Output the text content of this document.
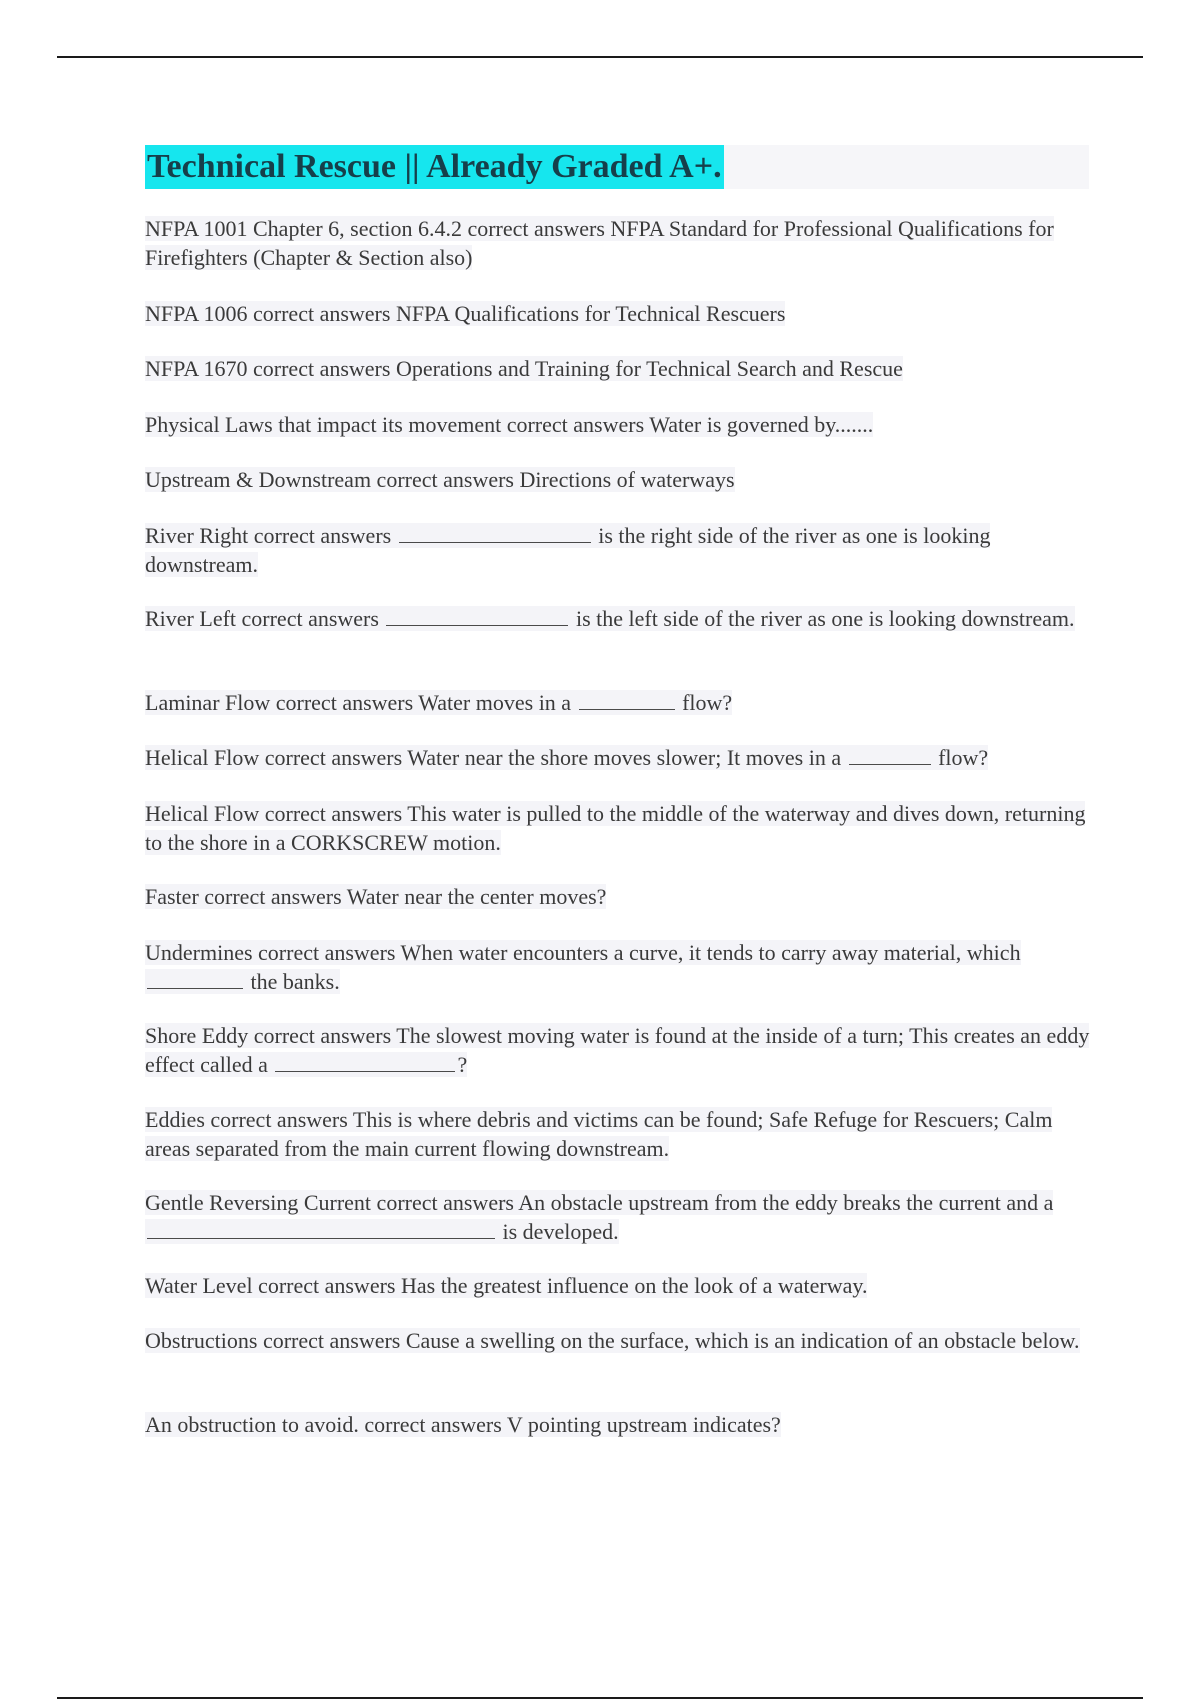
Technical Rescue || Already Graded A+.

NFPA 1001 Chapter 6, section 6.4.2 correct answers NFPA Standard for Professional Qualifications for Firefighters (Chapter & Section also)

NFPA 1006 correct answers NFPA Qualifications for Technical Rescuers

NFPA 1670 correct answers Operations and Training for Technical Search and Rescue

Physical Laws that impact its movement correct answers Water is governed by.......

Upstream & Downstream correct answers Directions of waterways

River Right correct answers	is the right side of the river as one is looking downstream.

River Left correct answers	is the left side of the river as one is looking downstream.

Laminar Flow correct answers Water moves in a	flow?

Helical Flow correct answers Water near the shore moves slower; It moves in a	flow?

Helical Flow correct answers This water is pulled to the middle of the waterway and dives down, returning to the shore in a CORKSCREW motion.

Faster correct answers Water near the center moves?

Undermines correct answers When water encounters a curve, it tends to carry away material, which  the banks.

Shore Eddy correct answers The slowest moving water is found at the inside of a turn; This creates an eddy effect called a	?

Eddies correct answers This is where debris and victims can be found; Safe Refuge for Rescuers; Calm areas separated from the main current flowing downstream.

Gentle Reversing Current correct answers An obstacle upstream from the eddy breaks the current and a  is developed.

Water Level correct answers Has the greatest influence on the look of a waterway.

Obstructions correct answers Cause a swelling on the surface, which is an indication of an obstacle below.

An obstruction to avoid. correct answers V pointing upstream indicates?
